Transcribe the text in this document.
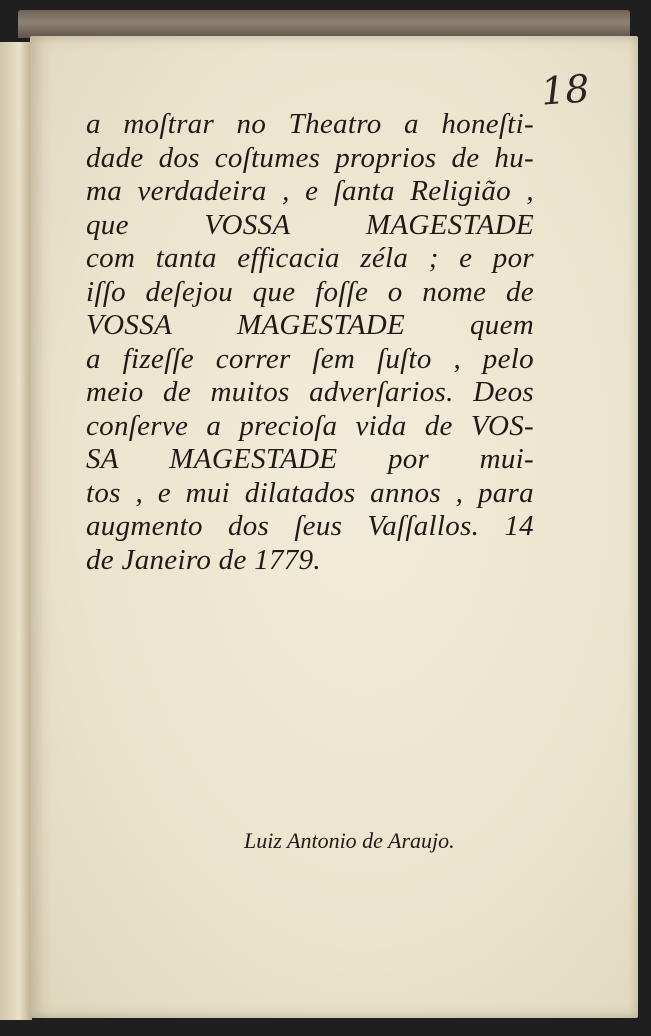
18
a moſtrar no Theatro a honeſti-
dade dos coſtumes proprios de hu-
ma verdadeira , e ſanta Religião ,
que	VOSSA	MAGESTADE
com tanta efficacia zéla ; e por
iſſo deſejou que foſſe o nome de
VOSSA MAGESTADE quem
a fizeſſe correr ſem ſuſto , pelo
meio de muitos adverſarios. Deos
conſerve a precioſa vida de VOS-
SA MAGESTADE por mui-
tos , e mui dilatados annos , para
augmento dos ſeus Vaſſallos. 14
de Janeiro de 1779.
Luiz Antonio de Araujo.
